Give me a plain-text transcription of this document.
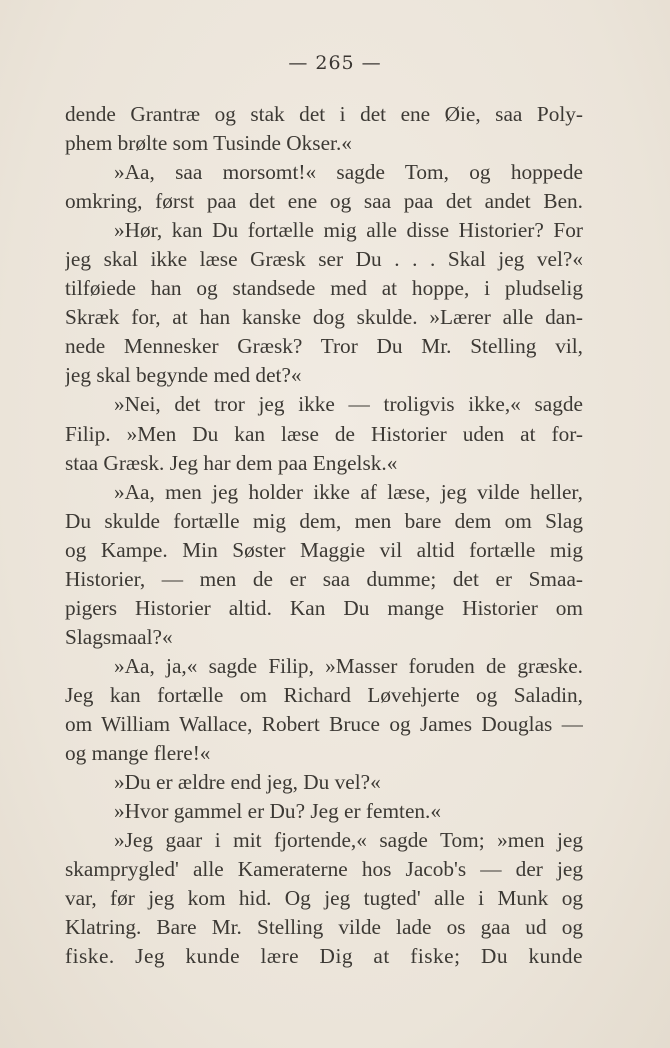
— 265 —
dende Grantræ og stak det i det ene Øie, saa Poly-
phem brølte som Tusinde Okser.«
»Aa, saa morsomt!« sagde Tom, og hoppede
omkring, først paa det ene og saa paa det andet Ben.
»Hør, kan Du fortælle mig alle disse Historier? For
jeg skal ikke læse Græsk ser Du . . . Skal jeg vel?«
tilføiede han og standsede med at hoppe, i pludselig
Skræk for, at han kanske dog skulde. »Lærer alle dan-
nede Mennesker Græsk? Tror Du Mr. Stelling vil,
jeg skal begynde med det?«
»Nei, det tror jeg ikke — troligvis ikke,« sagde
Filip. »Men Du kan læse de Historier uden at for-
staa Græsk. Jeg har dem paa Engelsk.«
»Aa, men jeg holder ikke af læse, jeg vilde heller,
Du skulde fortælle mig dem, men bare dem om Slag
og Kampe. Min Søster Maggie vil altid fortælle mig
Historier, — men de er saa dumme; det er Smaa-
pigers Historier altid. Kan Du mange Historier om
Slagsmaal?«
»Aa, ja,« sagde Filip, »Masser foruden de græske.
Jeg kan fortælle om Richard Løvehjerte og Saladin,
om William Wallace, Robert Bruce og James Douglas —
og mange flere!«
»Du er ældre end jeg, Du vel?«
»Hvor gammel er Du? Jeg er femten.«
»Jeg gaar i mit fjortende,« sagde Tom; »men jeg
skamprygled' alle Kameraterne hos Jacob's — der jeg
var, før jeg kom hid. Og jeg tugted' alle i Munk og
Klatring. Bare Mr. Stelling vilde lade os gaa ud og
fiske. Jeg kunde lære Dig at fiske; Du kunde
